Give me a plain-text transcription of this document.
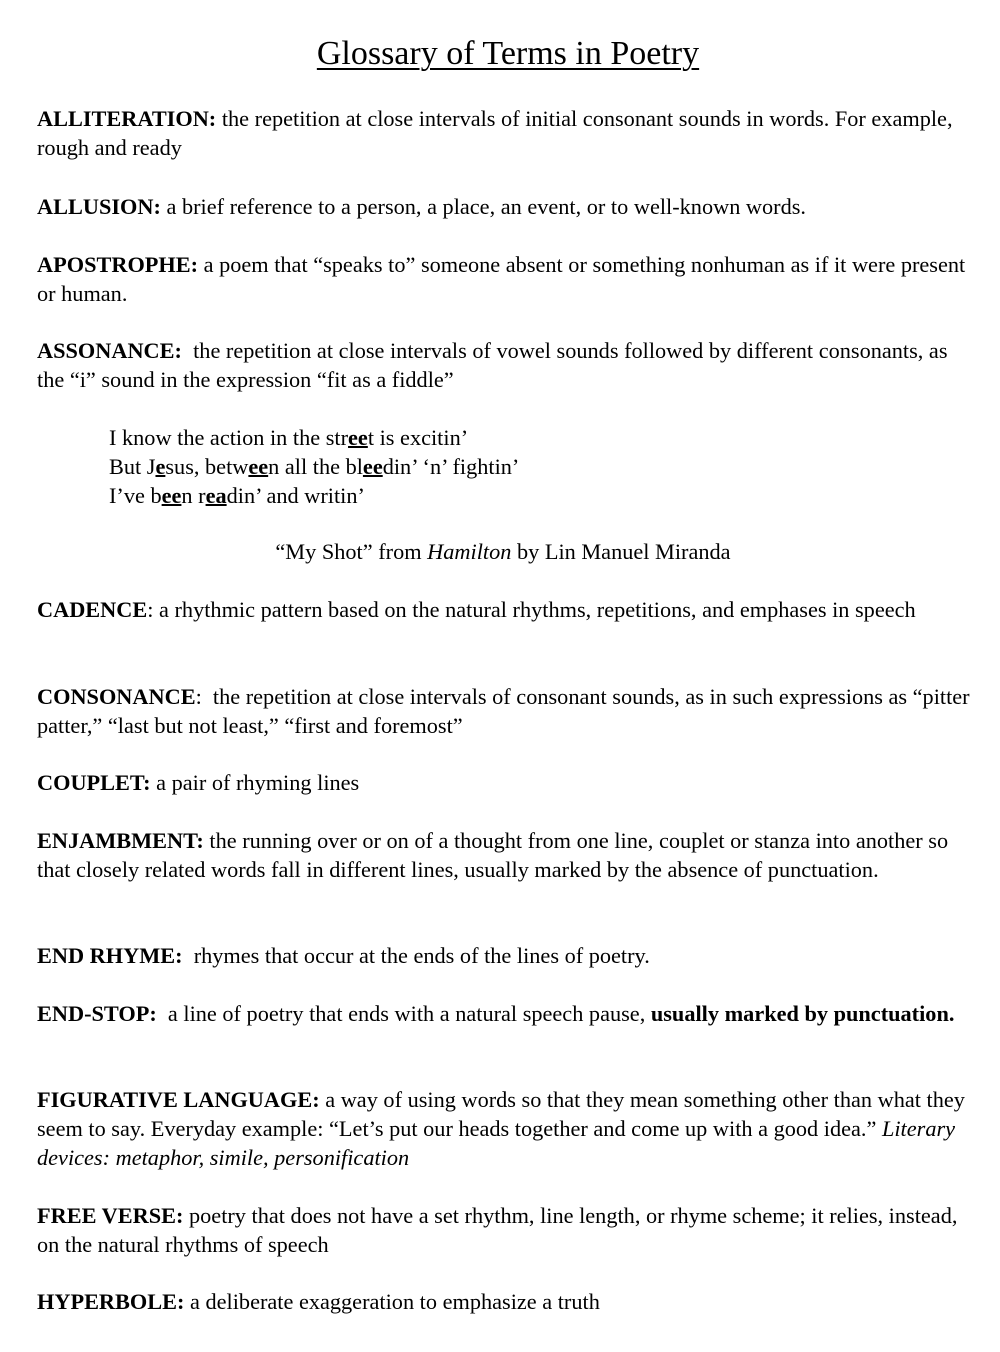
Glossary of Terms in Poetry
ALLITERATION: the repetition at close intervals of initial consonant sounds in words. For example, rough and ready
ALLUSION: a brief reference to a person, a place, an event, or to well-known words.
APOSTROPHE: a poem that “speaks to” someone absent or something nonhuman as if it were present or human.
ASSONANCE:  the repetition at close intervals of vowel sounds followed by different consonants, as the “i” sound in the expression “fit as a fiddle”
I know the action in the street is excitin’
But Jesus, between all the bleedin’ ‘n’ fightin’
I’ve been readin’ and writin’
“My Shot” from Hamilton by Lin Manuel Miranda
CADENCE: a rhythmic pattern based on the natural rhythms, repetitions, and emphases in speech
CONSONANCE:  the repetition at close intervals of consonant sounds, as in such expressions as “pitter patter,” “last but not least,” “first and foremost”
COUPLET: a pair of rhyming lines
ENJAMBMENT: the running over or on of a thought from one line, couplet or stanza into another so that closely related words fall in different lines, usually marked by the absence of punctuation.
END RHYME:  rhymes that occur at the ends of the lines of poetry.
END-STOP:  a line of poetry that ends with a natural speech pause, usually marked by punctuation.
FIGURATIVE LANGUAGE: a way of using words so that they mean something other than what they seem to say. Everyday example: “Let’s put our heads together and come up with a good idea.” Literary devices: metaphor, simile, personification
FREE VERSE: poetry that does not have a set rhythm, line length, or rhyme scheme; it relies, instead, on the natural rhythms of speech
HYPERBOLE: a deliberate exaggeration to emphasize a truth
